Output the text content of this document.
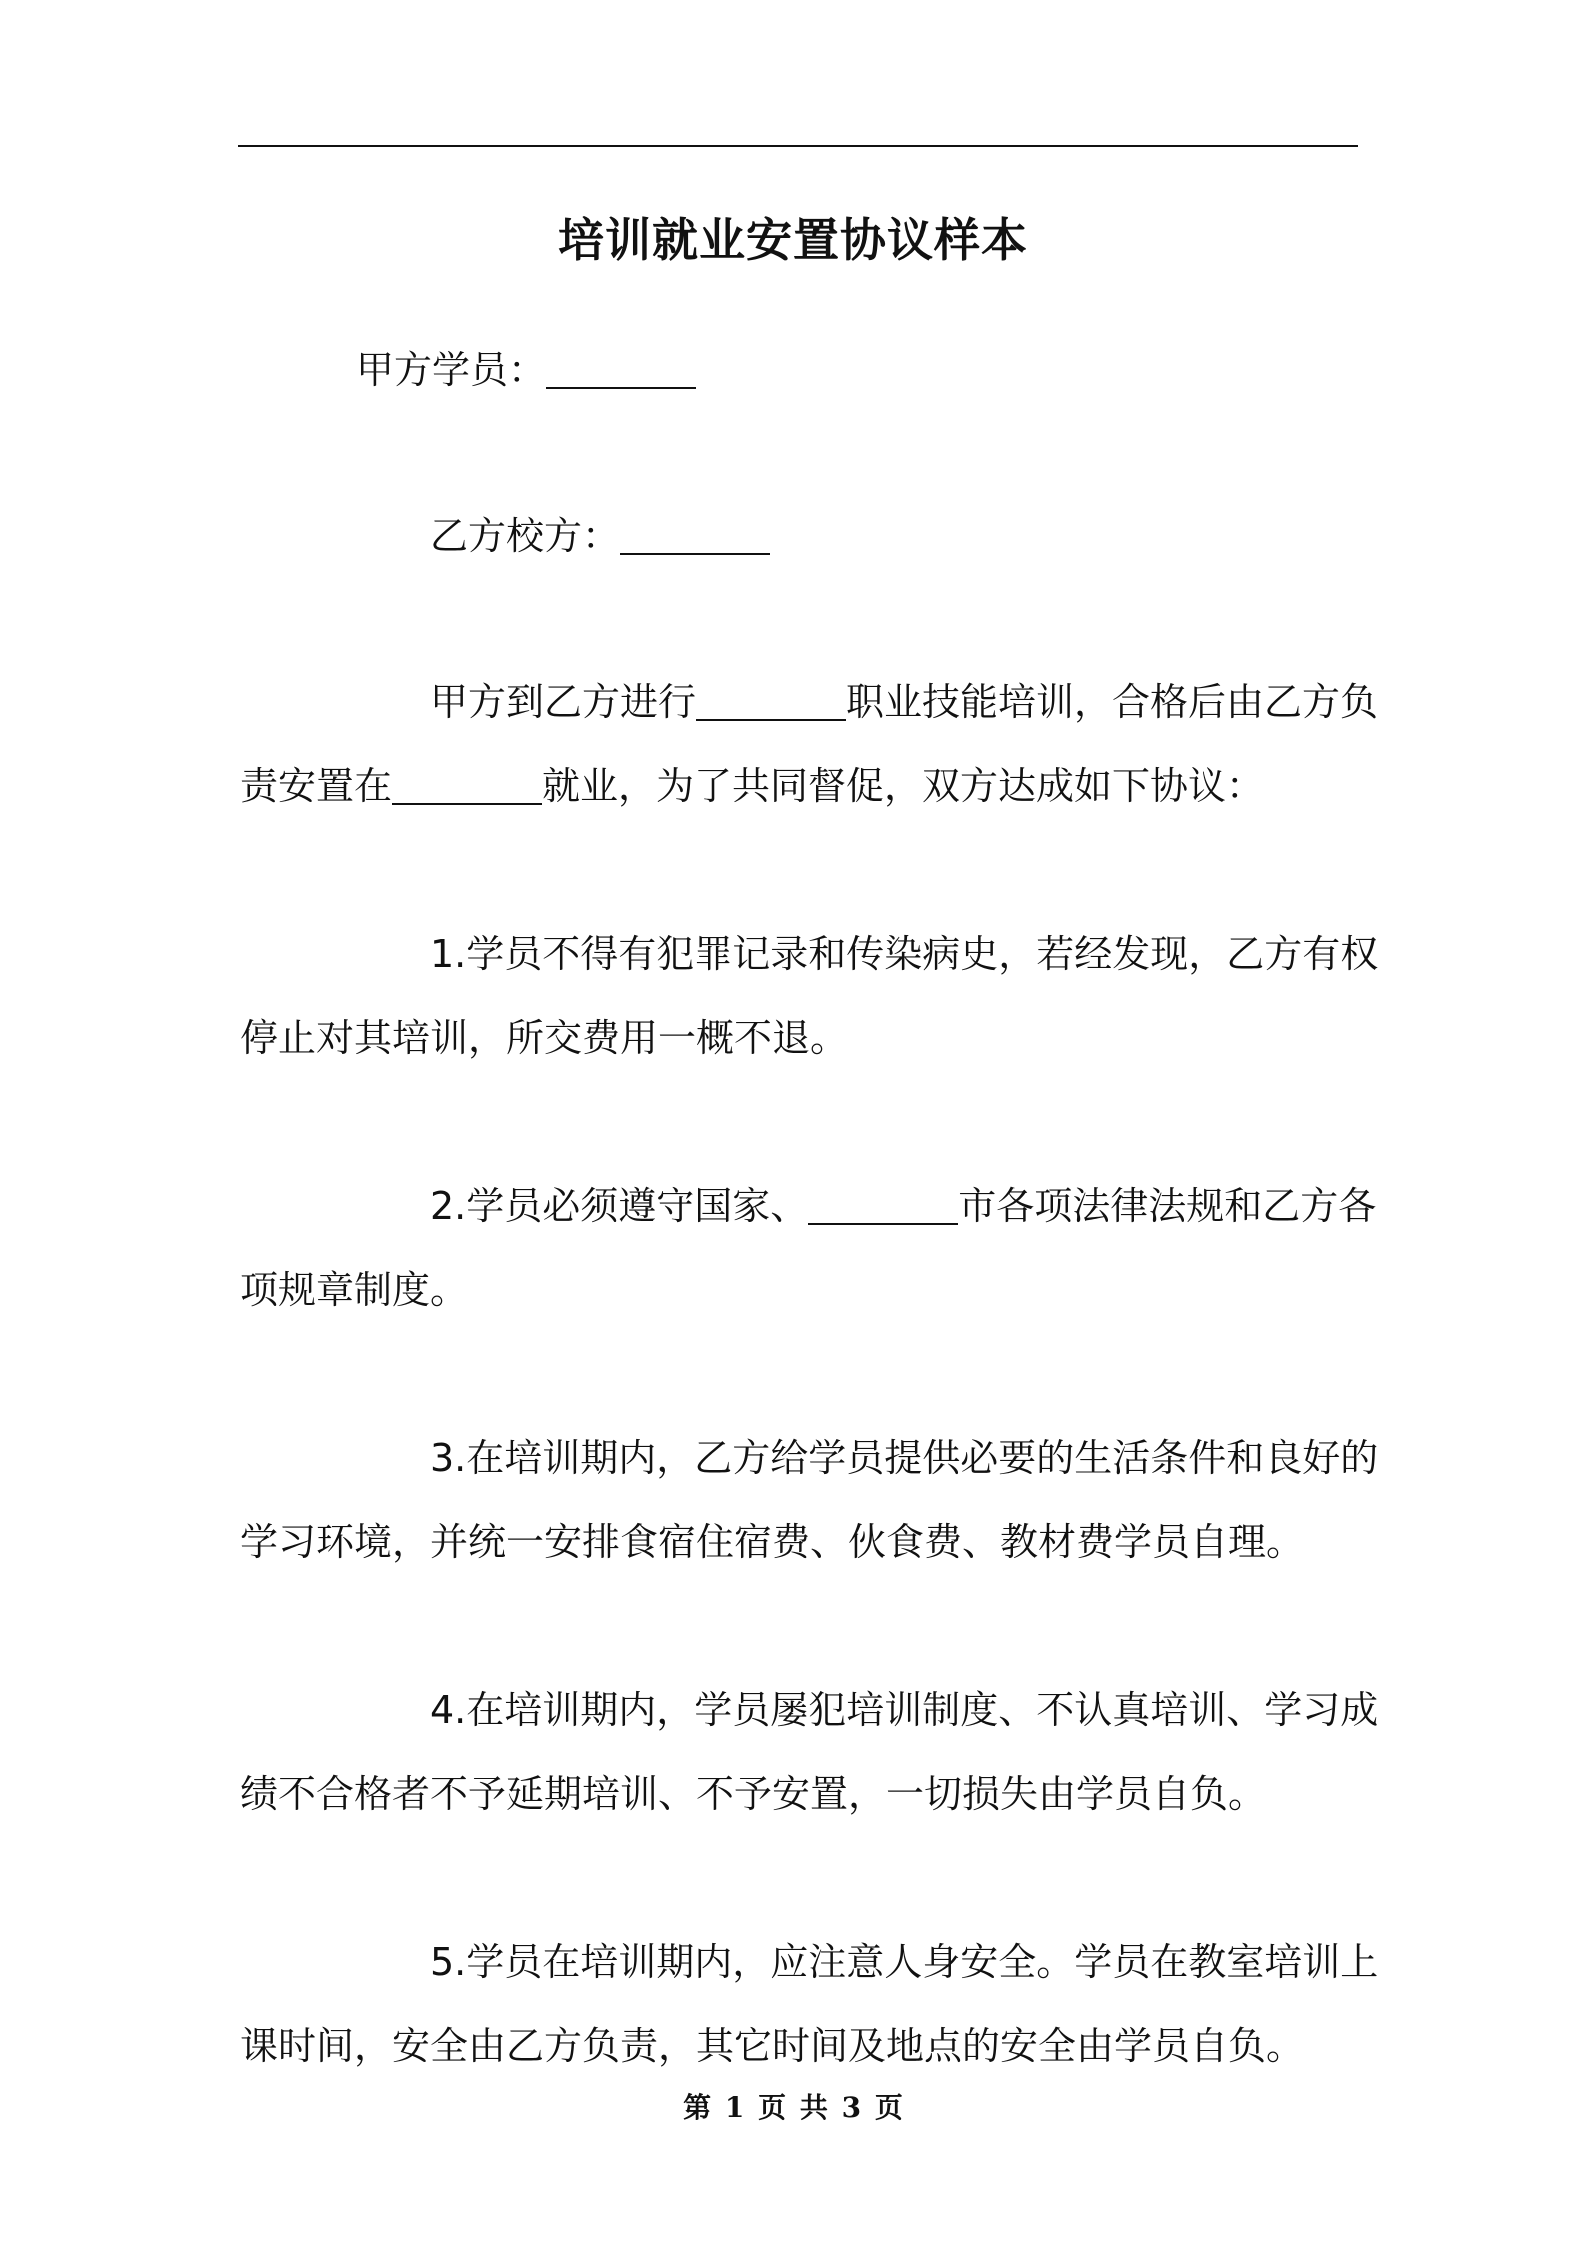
培训就业安置协议样本
甲方学员：
乙方校方：
甲方到乙方进行	职业技能培训，合格后由乙方负
责安置在	就业，为了共同督促，双方达成如下协议：
1.学员不得有犯罪记录和传染病史，若经发现，乙方有权
停止对其培训，所交费用一概不退。
2.学员必须遵守国家、	市各项法律法规和乙方各
项规章制度。
3.在培训期内，乙方给学员提供必要的生活条件和良好的
学习环境，并统一安排食宿住宿费、伙食费、教材费学员自理。
4.在培训期内，学员屡犯培训制度、不认真培训、学习成
绩不合格者不予延期培训、不予安置，一切损失由学员自负。
5.学员在培训期内，应注意人身安全。学员在教室培训上
课时间，安全由乙方负责，其它时间及地点的安全由学员自负。
第 1 页 共 3 页
